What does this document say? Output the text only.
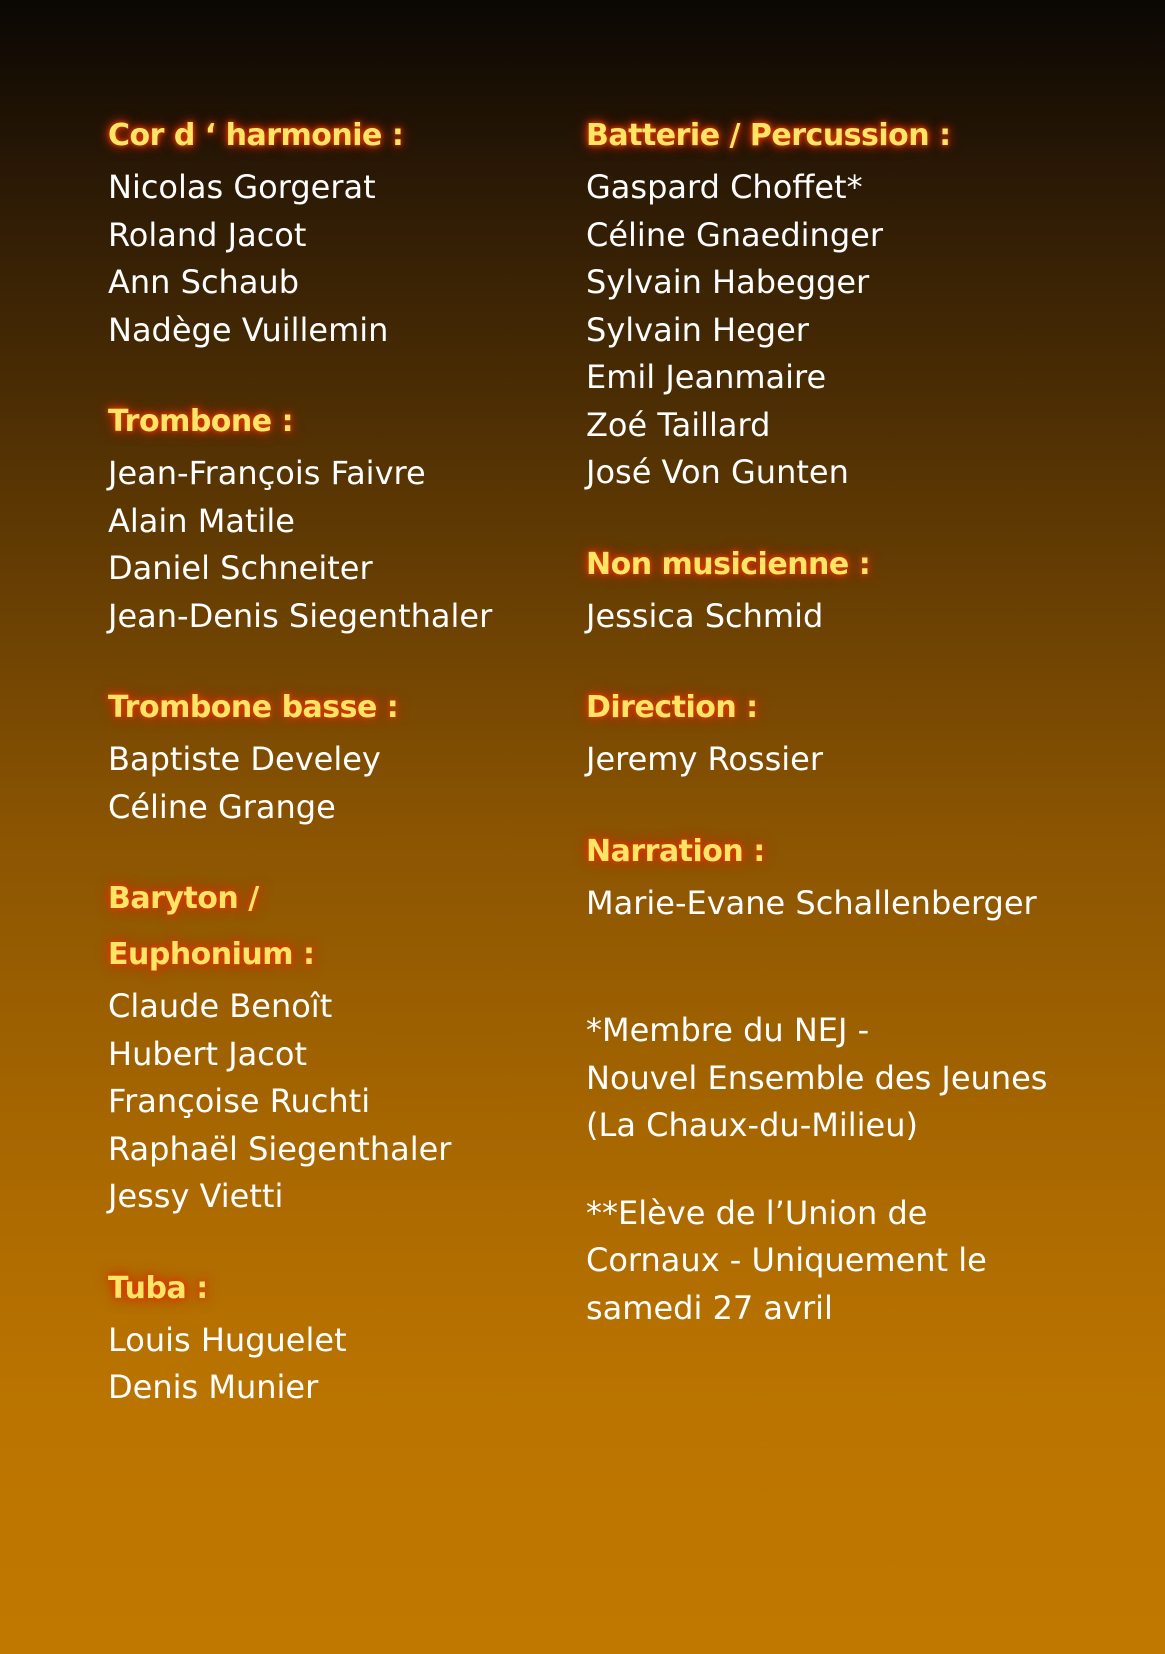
Cor d ‘ harmonie :
Nicolas Gorgerat
Roland Jacot
Ann Schaub
Nadège Vuillemin
Trombone :
Jean-François Faivre
Alain Matile
Daniel Schneiter
Jean-Denis Siegenthaler
Trombone basse :
Baptiste Develey
Céline Grange
Baryton /
Euphonium :
Claude Benoît
Hubert Jacot
Françoise Ruchti
Raphaël Siegenthaler
Jessy Vietti
Tuba :
Louis Huguelet
Denis Munier
Batterie / Percussion :
Gaspard Choffet*
Céline Gnaedinger
Sylvain Habegger
Sylvain Heger
Emil Jeanmaire
Zoé Taillard
José Von Gunten
Non musicienne :
Jessica Schmid
Direction :
Jeremy Rossier
Narration :
Marie-Evane Schallenberger

*Membre du NEJ -
Nouvel Ensemble des Jeunes
(La Chaux-du-Milieu)

**Elève de l’Union de
Cornaux - Uniquement le
samedi 27 avril
